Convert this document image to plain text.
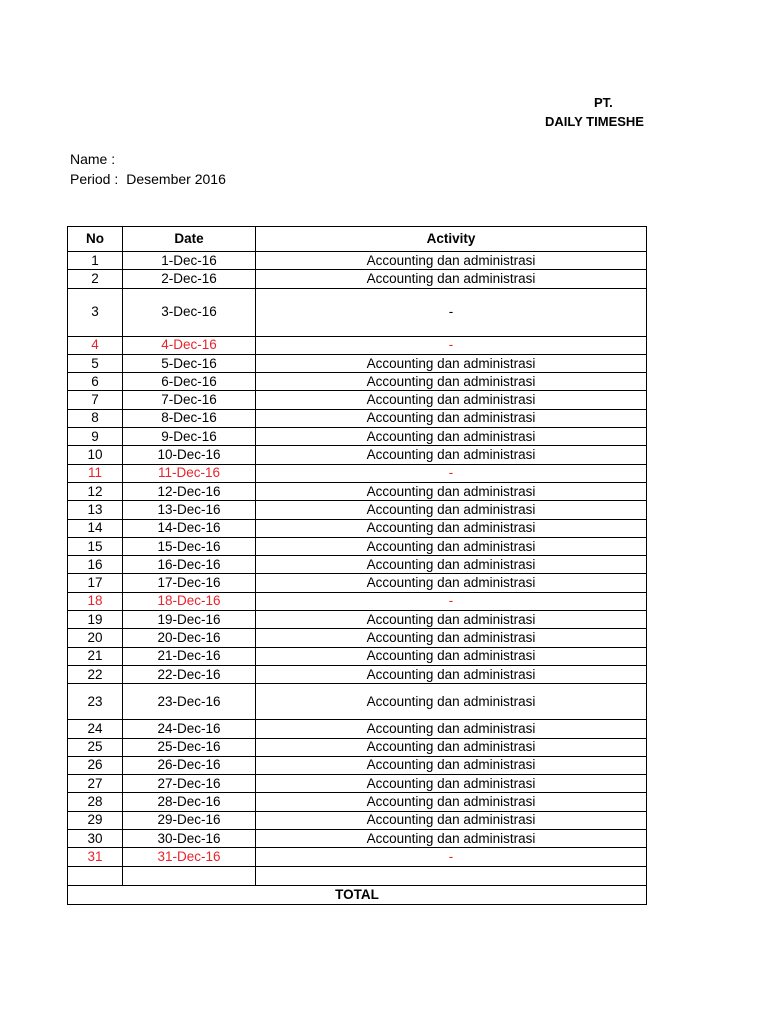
PT.
DAILY TIMESHE
Name :
Period : Desember 2016
No	Date	Activity
1	1-Dec-16	Accounting dan administrasi
2	2-Dec-16	Accounting dan administrasi
3	3-Dec-16	-
4	4-Dec-16	-
5	5-Dec-16	Accounting dan administrasi
6	6-Dec-16	Accounting dan administrasi
7	7-Dec-16	Accounting dan administrasi
8	8-Dec-16	Accounting dan administrasi
9	9-Dec-16	Accounting dan administrasi
10	10-Dec-16	Accounting dan administrasi
11	11-Dec-16	-
12	12-Dec-16	Accounting dan administrasi
13	13-Dec-16	Accounting dan administrasi
14	14-Dec-16	Accounting dan administrasi
15	15-Dec-16	Accounting dan administrasi
16	16-Dec-16	Accounting dan administrasi
17	17-Dec-16	Accounting dan administrasi
18	18-Dec-16	-
19	19-Dec-16	Accounting dan administrasi
20	20-Dec-16	Accounting dan administrasi
21	21-Dec-16	Accounting dan administrasi
22	22-Dec-16	Accounting dan administrasi
23	23-Dec-16	Accounting dan administrasi
24	24-Dec-16	Accounting dan administrasi
25	25-Dec-16	Accounting dan administrasi
26	26-Dec-16	Accounting dan administrasi
27	27-Dec-16	Accounting dan administrasi
28	28-Dec-16	Accounting dan administrasi
29	29-Dec-16	Accounting dan administrasi
30	30-Dec-16	Accounting dan administrasi
31	31-Dec-16	-

TOTAL		
